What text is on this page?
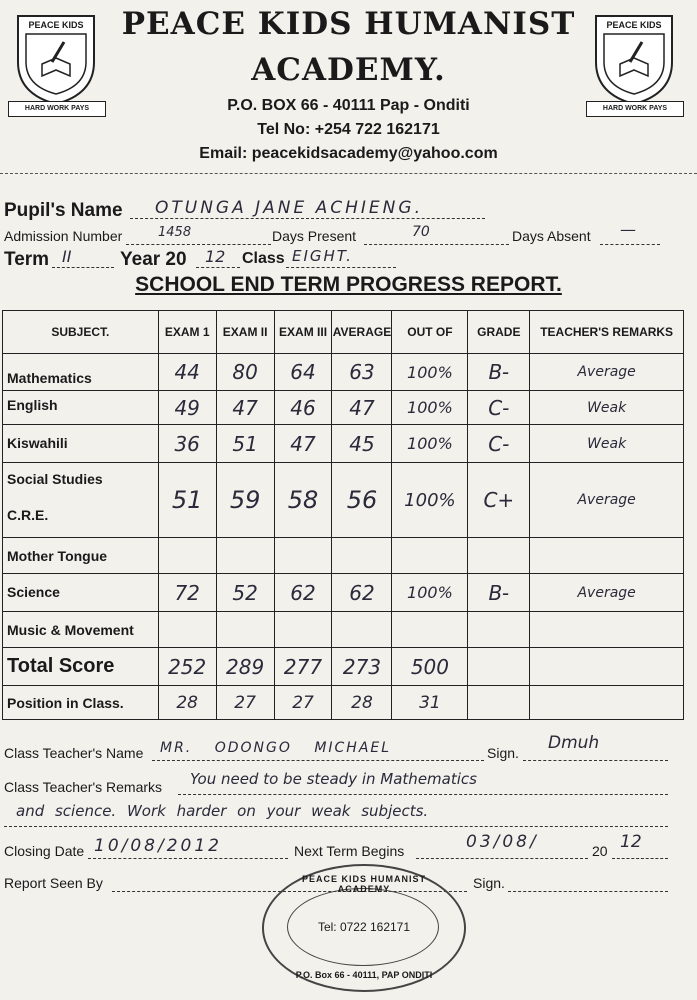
PEACE KIDS
HARD WORK PAYS
PEACE KIDS
HARD WORK PAYS
PEACE KIDS HUMANIST
ACADEMY.
P.O. BOX 66 - 40111 Pap - Onditi
Tel No: +254 722 162171
Email: peacekidsacademy@yahoo.com
Pupil's Name OTUNGA JANE ACHIENG.
Admission Number	1458	Days Present	70	Days Absent —
Term II	Year 20 12 Class EIGHT.
SCHOOL END TERM PROGRESS REPORT.
SUBJECT.	EXAM 1	EXAM II	EXAM III	AVERAGE	OUT OF	GRADE	TEACHER'S REMARKS
Mathematics	44	80	64	63	100%	B-	Average
English	49	47	46	47	100%	C-	Weak
Kiswahili	36	51	47	45	100%	C-	Weak
Social Studies
C.R.E.	51	59	58	56	100%	C+	Average
Mother Tongue							
Science	72	52	62	62	100%	B-	Average
Music & Movement							
Total Score	252	289	277	273	500		
Position in Class.	28	27	27	28	31		
Class Teacher's Name MR. ODONGO MICHAEL	Sign. Dmuh
Class Teacher's Remarks You need to be steady in Mathematics
and science. Work harder on your weak subjects.
Closing Date 10/08/2012	Next Term Begins	03/08/	20 12
Report Seen By	Sign.
PEACE KIDS HUMANIST ACADEMY
Tel: 0722 162171
P.O. Box 66 - 40111, PAP ONDITI
